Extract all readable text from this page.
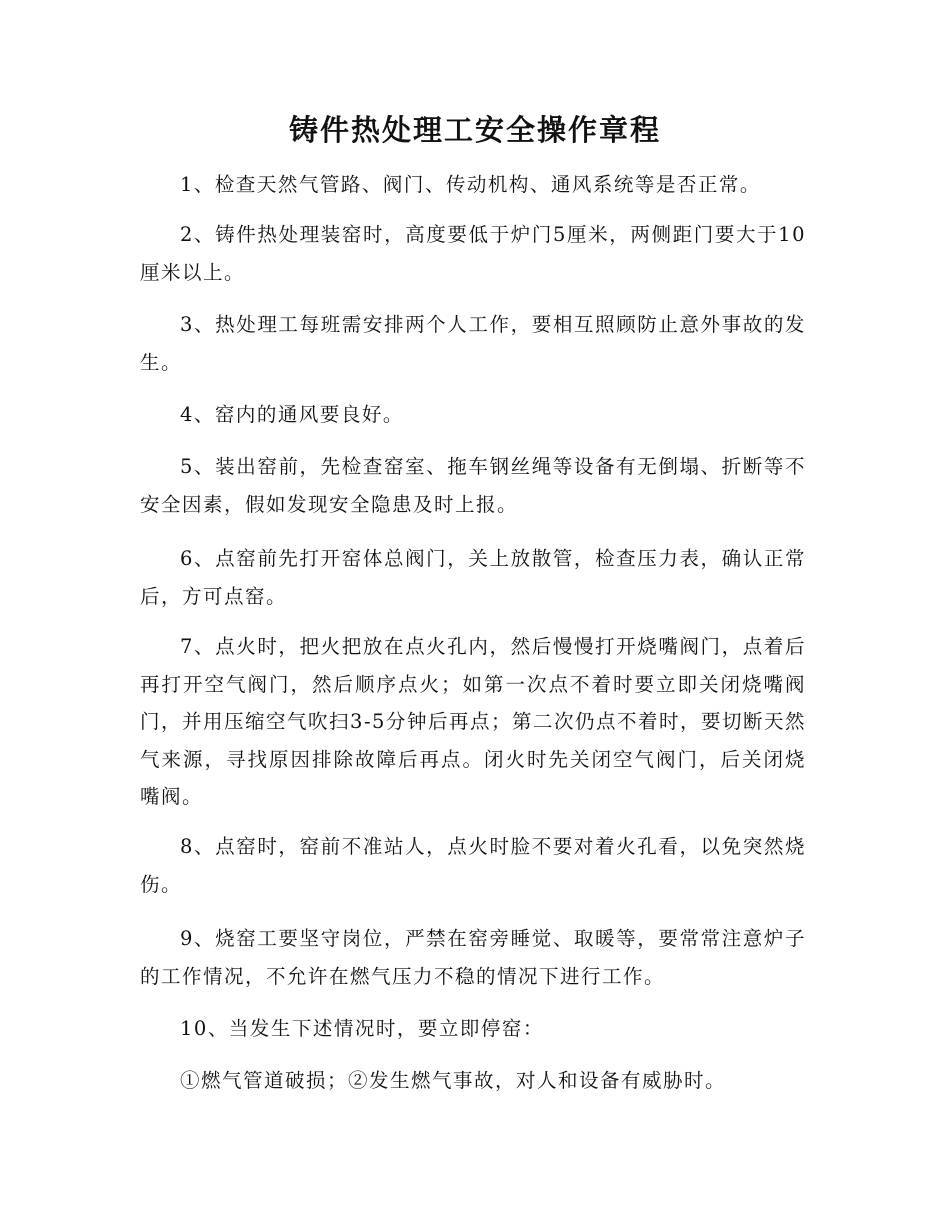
铸件热处理工安全操作章程

1、检查天然气管路、阀门、传动机构、通风系统等是否正常。

2、铸件热处理装窑时，高度要低于炉门5厘米，两侧距门要大于10厘米以上。

3、热处理工每班需安排两个人工作，要相互照顾防止意外事故的发生。

4、窑内的通风要良好。

5、装出窑前，先检查窑室、拖车钢丝绳等设备有无倒塌、折断等不安全因素，假如发现安全隐患及时上报。

6、点窑前先打开窑体总阀门，关上放散管，检查压力表，确认正常后，方可点窑。

7、点火时，把火把放在点火孔内，然后慢慢打开烧嘴阀门，点着后再打开空气阀门，然后顺序点火；如第一次点不着时要立即关闭烧嘴阀门，并用压缩空气吹扫3-5分钟后再点；第二次仍点不着时，要切断天然气来源，寻找原因排除故障后再点。闭火时先关闭空气阀门，后关闭烧嘴阀。

8、点窑时，窑前不准站人，点火时脸不要对着火孔看，以免突然烧伤。

9、烧窑工要坚守岗位，严禁在窑旁睡觉、取暖等，要常常注意炉子的工作情况，不允许在燃气压力不稳的情况下进行工作。

10、当发生下述情况时，要立即停窑：

①燃气管道破损；②发生燃气事故，对人和设备有威胁时。
